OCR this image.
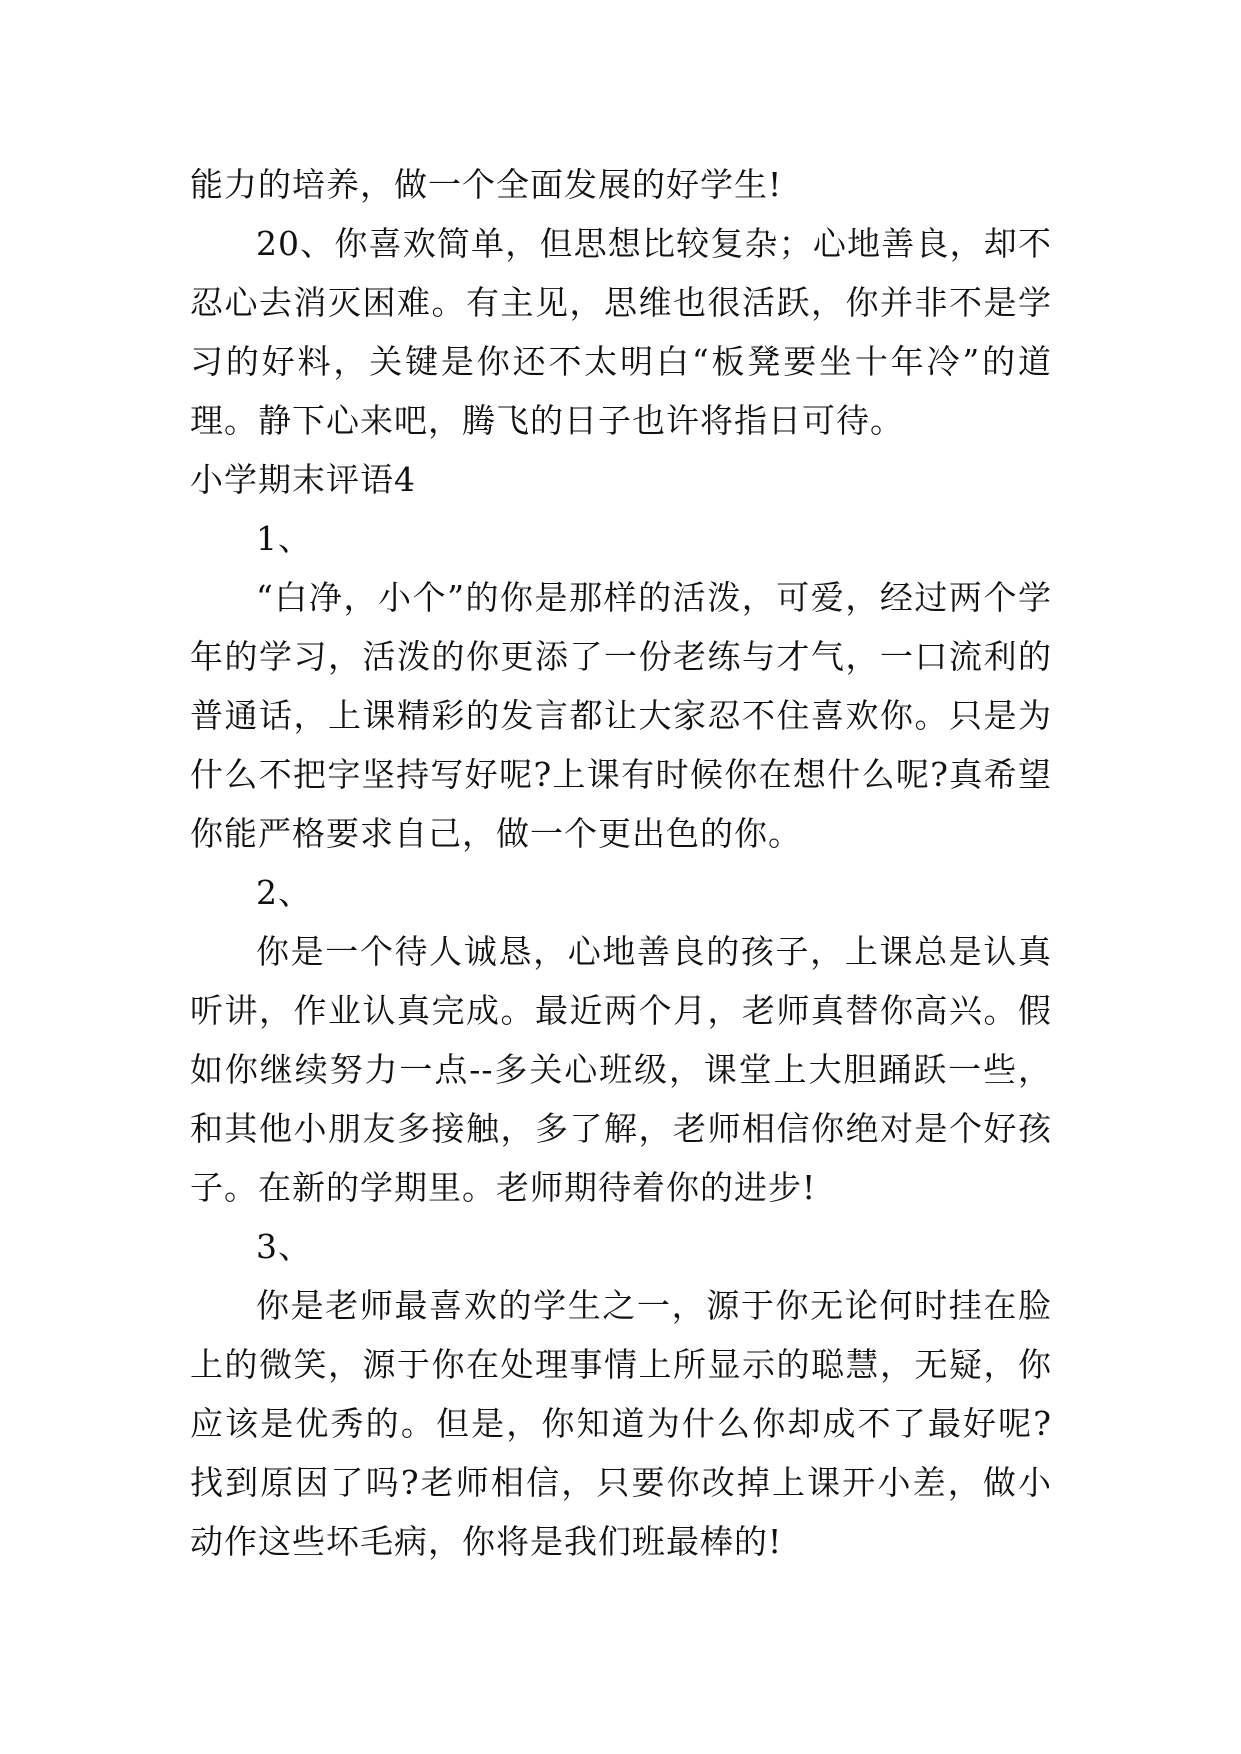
能力的培养，做一个全面发展的好学生!

20、你喜欢简单，但思想比较复杂；心地善良，却不忍心去消灭困难。有主见，思维也很活跃，你并非不是学习的好料，关键是你还不太明白“板凳要坐十年冷”的道理。静下心来吧，腾飞的日子也许将指日可待。

小学期末评语4

1、

“白净，小个”的你是那样的活泼，可爱，经过两个学年的学习，活泼的你更添了一份老练与才气，一口流利的普通话，上课精彩的发言都让大家忍不住喜欢你。只是为什么不把字坚持写好呢?上课有时候你在想什么呢?真希望你能严格要求自己，做一个更出色的你。

2、

你是一个待人诚恳，心地善良的孩子，上课总是认真听讲，作业认真完成。最近两个月，老师真替你高兴。假如你继续努力一点--多关心班级，课堂上大胆踊跃一些，和其他小朋友多接触，多了解，老师相信你绝对是个好孩子。在新的学期里。老师期待着你的进步!

3、

你是老师最喜欢的学生之一，源于你无论何时挂在脸上的微笑，源于你在处理事情上所显示的聪慧，无疑，你应该是优秀的。但是，你知道为什么你却成不了最好呢?找到原因了吗?老师相信，只要你改掉上课开小差，做小动作这些坏毛病，你将是我们班最棒的!
